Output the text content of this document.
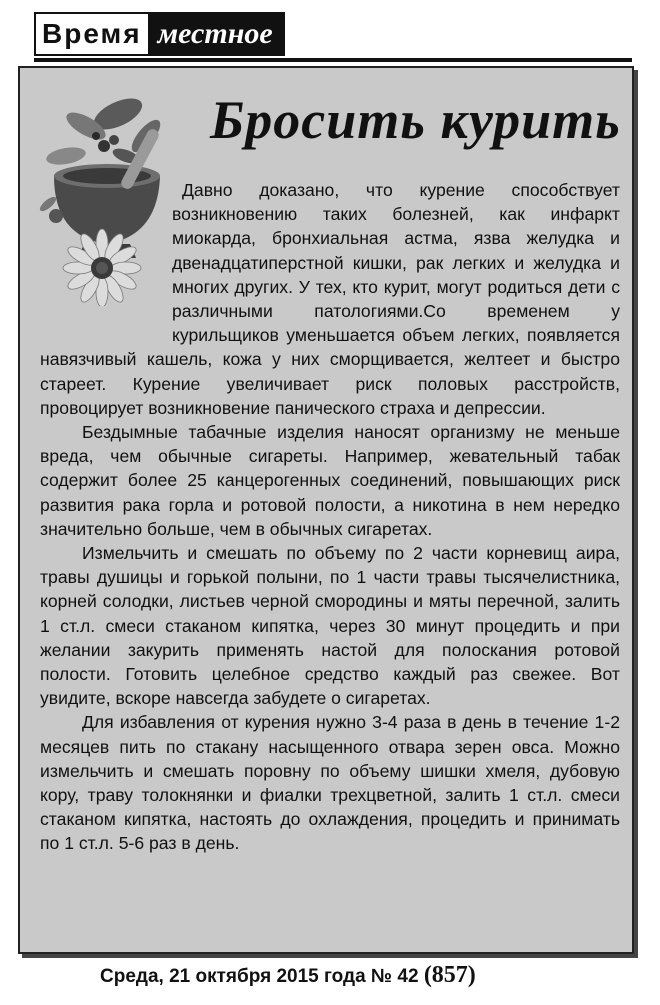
Время местное
Бросить курить

Давно доказано, что курение способствует возникновению таких болезней, как инфаркт миокарда, бронхиальная астма, язва желудка и двенадцатиперстной кишки, рак легких и желудка и многих других. У тех, кто курит, могут родиться дети с различными патологиями.Со временем у курильщиков уменьшается объем легких, появляется навязчивый кашель, кожа у них сморщивается, желтеет и быстро стареет. Курение увеличивает риск половых расстройств, провоцирует возникновение панического страха и депрессии.

Бездымные табачные изделия наносят организму не меньше вреда, чем обычные сигареты. Например, жевательный табак содержит более 25 канцерогенных соединений, повышающих риск развития рака горла и ротовой полости, а никотина в нем нередко значительно больше, чем в обычных сигаретах.

Измельчить и смешать по объему по 2 части корневищ аира, травы душицы и горькой полыни, по 1 части травы тысячелистника, корней солодки, листьев черной смородины и мяты перечной, залить 1 ст.л. смеси стаканом кипятка, через 30 минут процедить и при желании закурить применять настой для полоскания ротовой полости. Готовить целебное средство каждый раз свежее. Вот увидите, вскоре навсегда забудете о сигаретах.

Для избавления от курения нужно 3-4 раза в день в течение 1-2 месяцев пить по стакану насыщенного отвара зерен овса. Можно измельчить и смешать поровну по объему шишки хмеля, дубовую кору, траву толокнянки и фиалки трехцветной, залить 1 ст.л. смеси стаканом кипятка, настоять до охлаждения, процедить и принимать по 1 ст.л. 5-6 раз в день.

Среда, 21 октября 2015 года № 42 (857)
